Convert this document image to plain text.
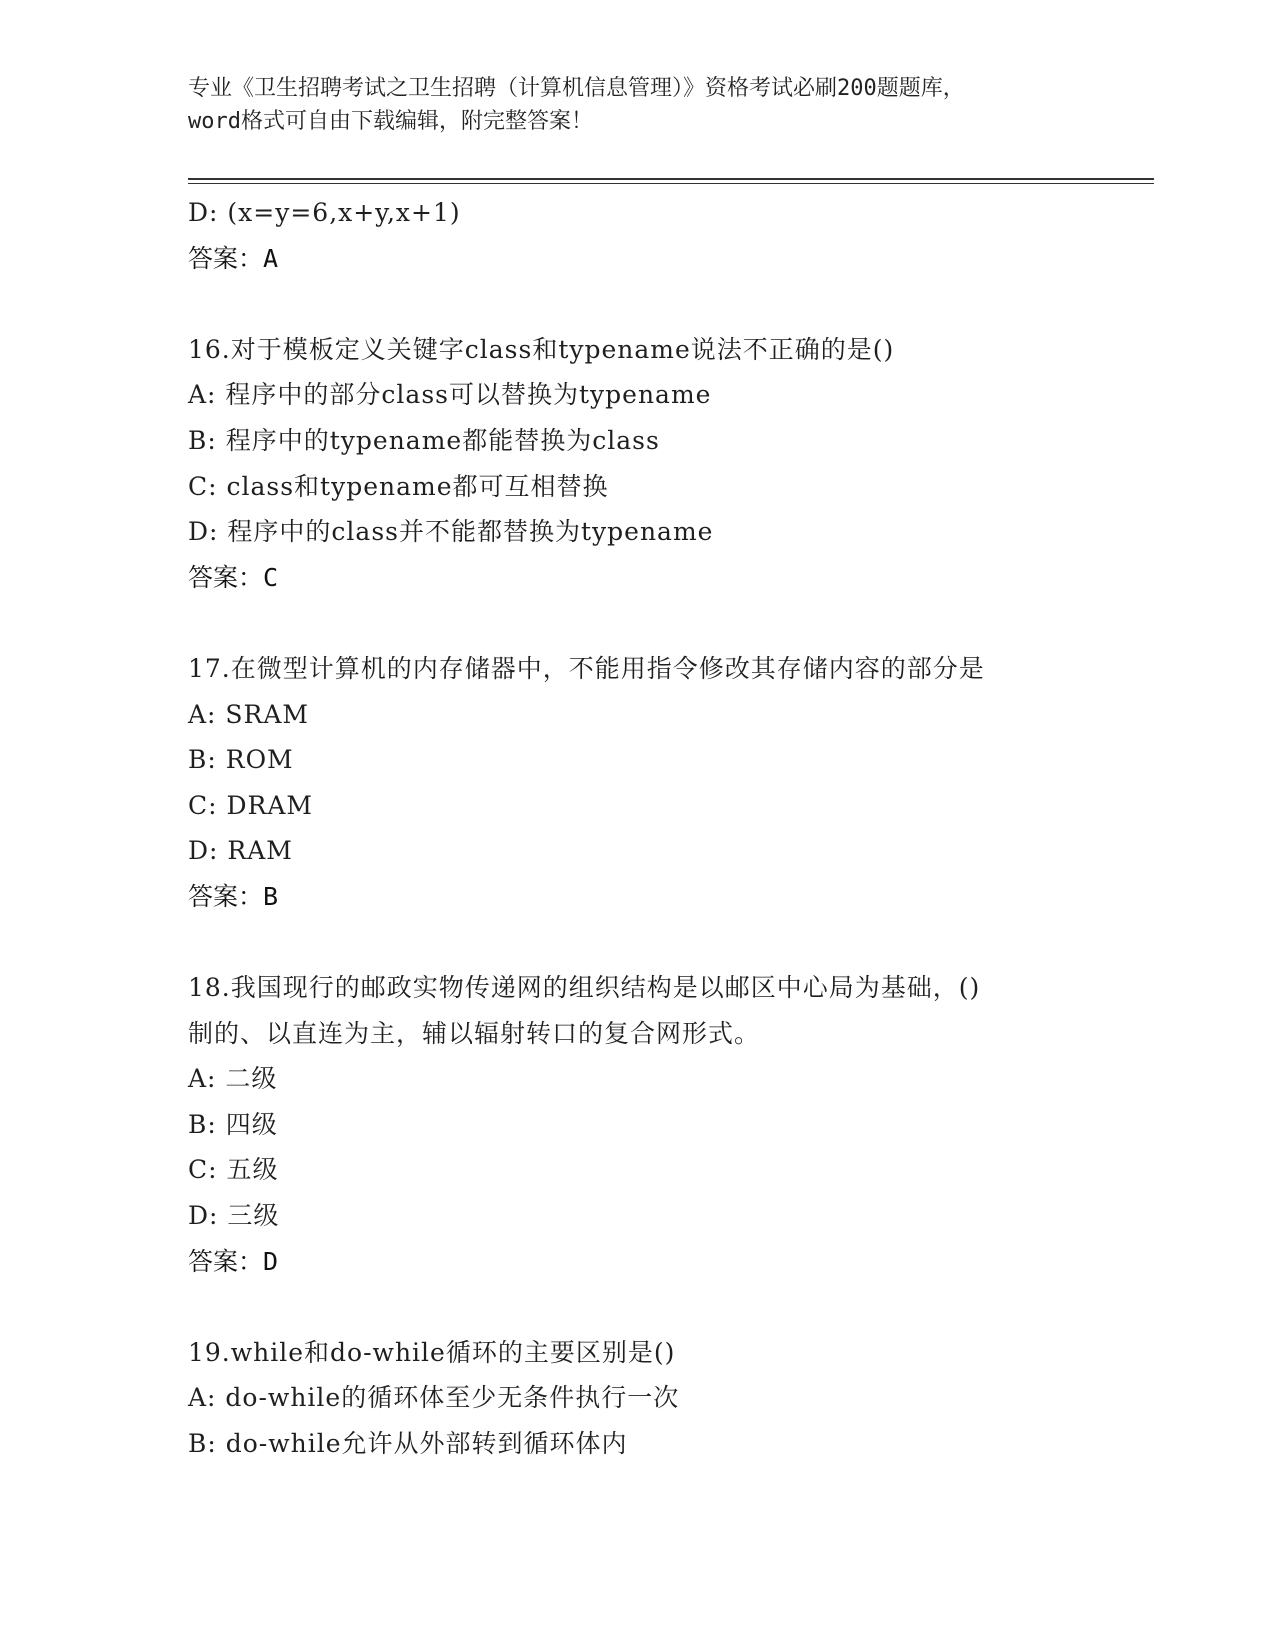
专业《卫生招聘考试之卫生招聘（计算机信息管理）》资格考试必刷200题题库，
word格式可自由下载编辑，附完整答案！
D: (x=y=6,x+y,x+1)
答案：A
16.对于模板定义关键字class和typename说法不正确的是()
A: 程序中的部分class可以替换为typename
B: 程序中的typename都能替换为class
C: class和typename都可互相替换
D: 程序中的class并不能都替换为typename
答案：C
17.在微型计算机的内存储器中，不能用指令修改其存储内容的部分是
A: SRAM
B: ROM
C: DRAM
D: RAM
答案：B
18.我国现行的邮政实物传递网的组织结构是以邮区中心局为基础，()
制的、以直连为主，辅以辐射转口的复合网形式。
A: 二级
B: 四级
C: 五级
D: 三级
答案：D
19.while和do-while循环的主要区别是()
A: do-while的循环体至少无条件执行一次
B: do-while允许从外部转到循环体内
